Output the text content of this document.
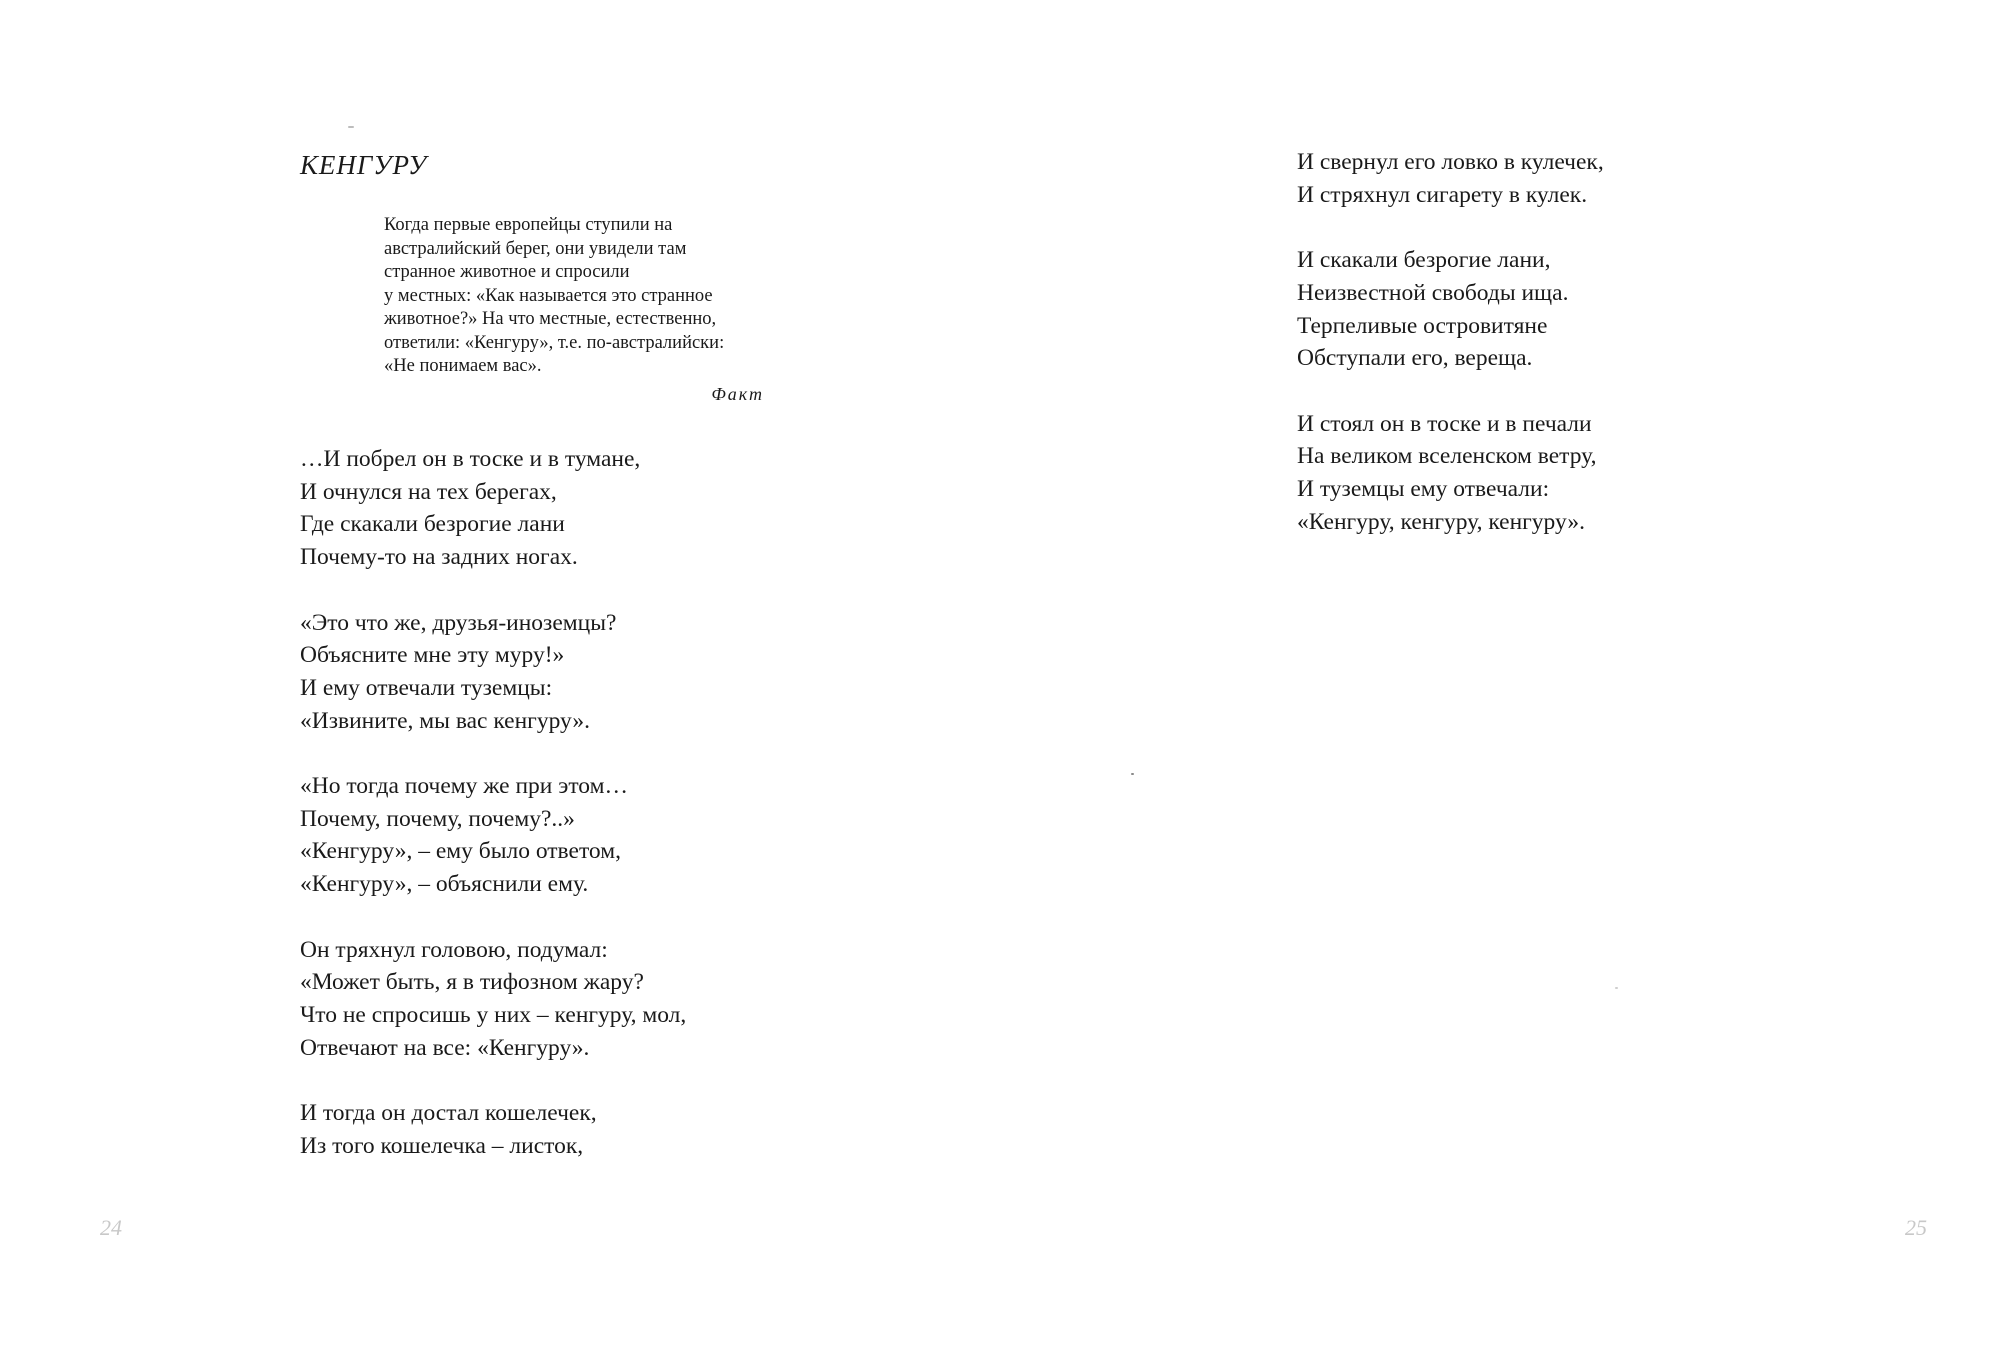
КЕНГУРУ
Когда первые европейцы ступили на
австралийский берег, они увидели там
странное животное и спросили
у местных: «Как называется это странное
животное?» На что местные, естественно,
ответили: «Кенгуру», т.е. по-австралийски:
«Не понимаем вас».
Факт
…И побрел он в тоске и в тумане,
И очнулся на тех берегах,
Где скакали безрогие лани
Почему-то на задних ногах.
«Это что же, друзья-иноземцы?
Объясните мне эту муру!»
И ему отвечали туземцы:
«Извините, мы вас кенгуру».
«Но тогда почему же при этом…
Почему, почему, почему?..»
«Кенгуру», – ему было ответом,
«Кенгуру», – объяснили ему.
Он тряхнул головою, подумал:
«Может быть, я в тифозном жару?
Что не спросишь у них – кенгуру, мол,
Отвечают на все: «Кенгуру».
И тогда он достал кошелечек,
Из того кошелечка – листок,
24
И свернул его ловко в кулечек,
И стряхнул сигарету в кулек.
И скакали безрогие лани,
Неизвестной свободы ища.
Терпеливые островитяне
Обступали его, вереща.
И стоял он в тоске и в печали
На великом вселенском ветру,
И туземцы ему отвечали:
«Кенгуру, кенгуру, кенгуру».
25
